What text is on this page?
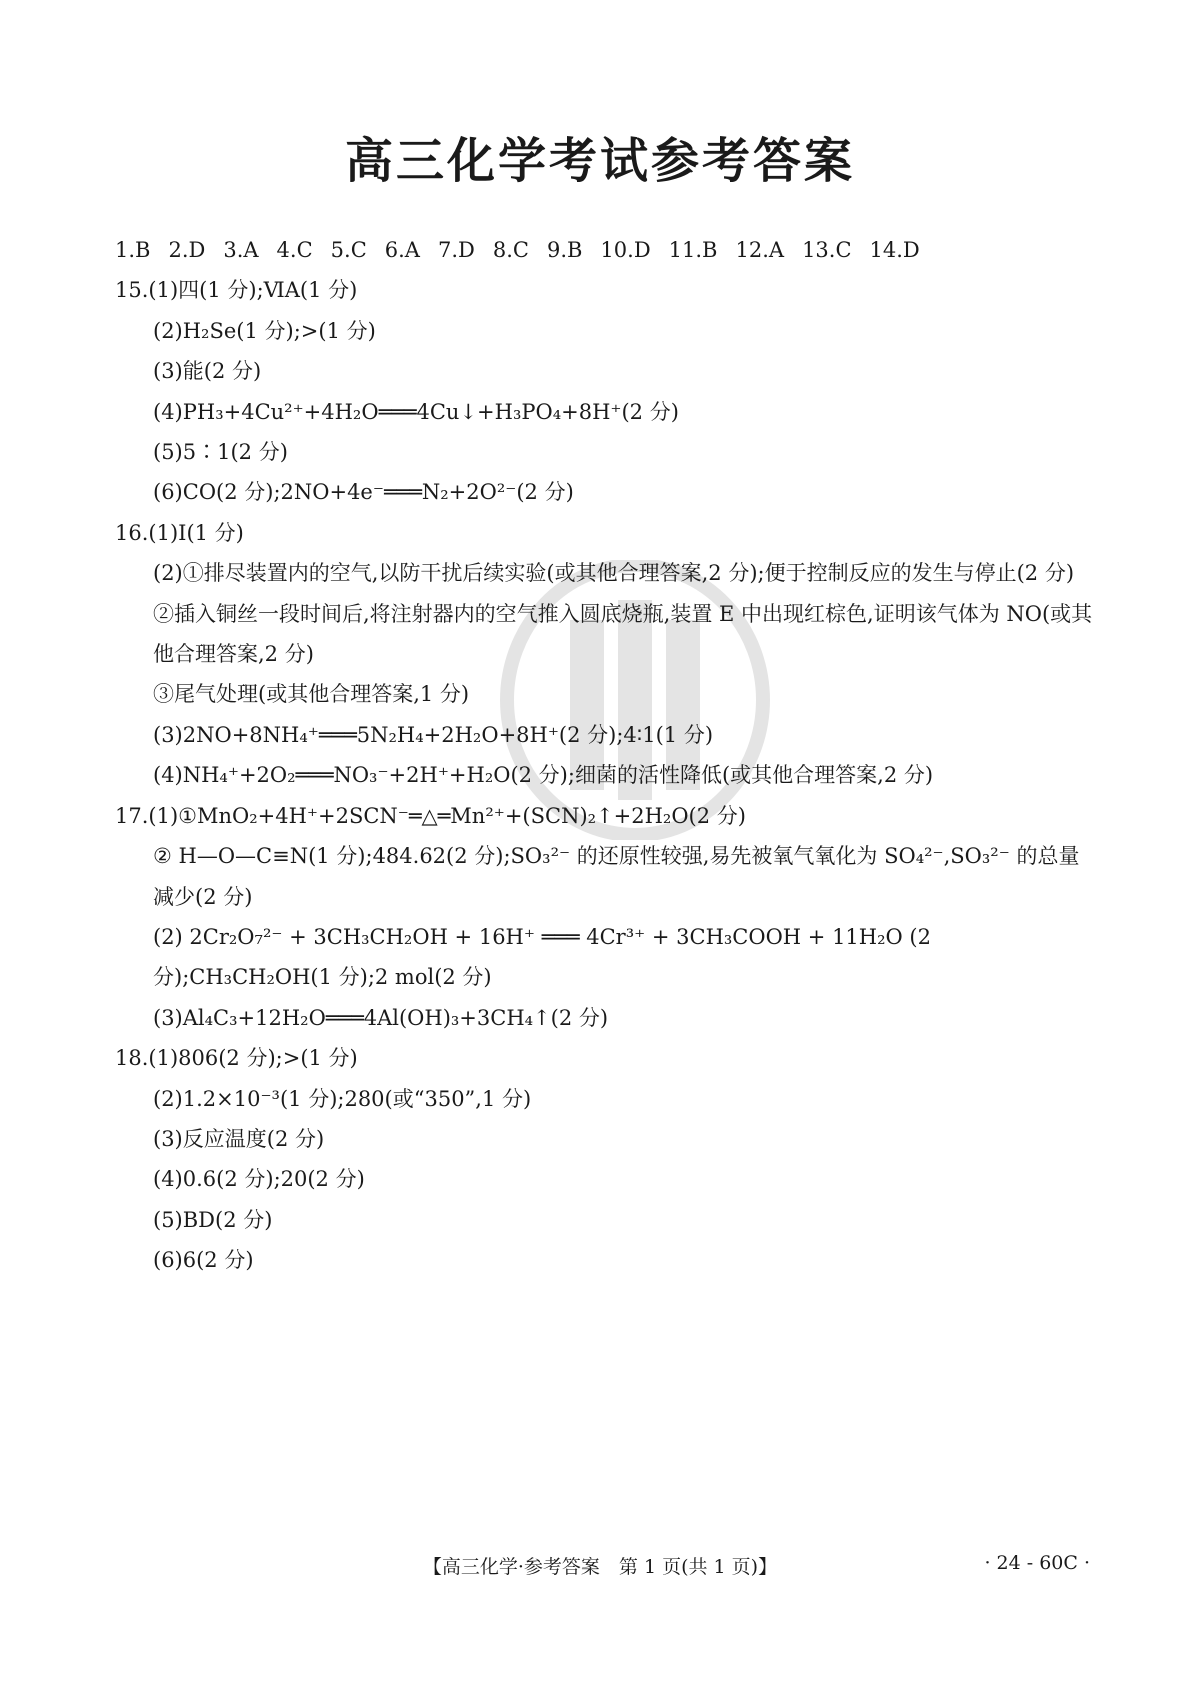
高三化学考试参考答案
1.B 2.D 3.A 4.C 5.C 6.A 7.D 8.C 9.B 10.D 11.B 12.A 13.C 14.D
15.(1)四(1 分);ⅥA(1 分)
(2)H₂Se(1 分);>(1 分)
(3)能(2 分)
(4)PH₃+4Cu²⁺+4H₂O═══4Cu↓+H₃PO₄+8H⁺(2 分)
(5)5∶1(2 分)
(6)CO(2 分);2NO+4e⁻═══N₂+2O²⁻(2 分)
16.(1)Ⅰ(1 分)
(2)①排尽装置内的空气,以防干扰后续实验(或其他合理答案,2 分);便于控制反应的发生与停止(2 分)
②插入铜丝一段时间后,将注射器内的空气推入圆底烧瓶,装置 E 中出现红棕色,证明该气体为 NO(或其他合理答案,2 分)
③尾气处理(或其他合理答案,1 分)
(3)2NO+8NH₄⁺═══5N₂H₄+2H₂O+8H⁺(2 分);4∶1(1 分)
(4)NH₄⁺+2O₂═══NO₃⁻+2H⁺+H₂O(2 分);细菌的活性降低(或其他合理答案,2 分)
17.(1)①MnO₂+4H⁺+2SCN⁻═△═Mn²⁺+(SCN)₂↑+2H₂O(2 分)
② H—O—C≡N(1 分);484.62(2 分);SO₃²⁻ 的还原性较强,易先被氧气氧化为 SO₄²⁻,SO₃²⁻ 的总量减少(2 分)
(2) 2Cr₂O₇²⁻ + 3CH₃CH₂OH + 16H⁺ ═══ 4Cr³⁺ + 3CH₃COOH + 11H₂O (2 分);CH₃CH₂OH(1 分);2 mol(2 分)
(3)Al₄C₃+12H₂O═══4Al(OH)₃+3CH₄↑(2 分)
18.(1)806(2 分);>(1 分)
(2)1.2×10⁻³(1 分);280(或“350”,1 分)
(3)反应温度(2 分)
(4)0.6(2 分);20(2 分)
(5)BD(2 分)
(6)6(2 分)
【高三化学·参考答案　第 1 页(共 1 页)】	· 24 - 60C ·
